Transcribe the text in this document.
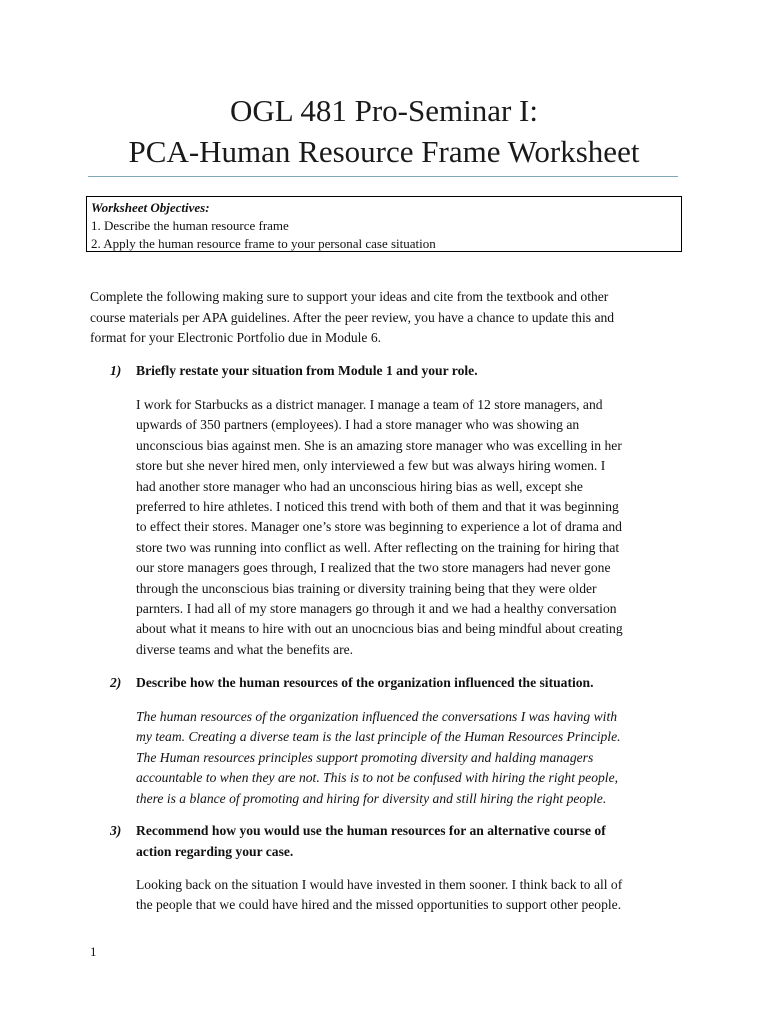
OGL 481 Pro-Seminar I:
PCA-Human Resource Frame Worksheet
Worksheet Objectives:
1. Describe the human resource frame
2. Apply the human resource frame to your personal case situation
Complete the following making sure to support your ideas and cite from the textbook and other
course materials per APA guidelines. After the peer review, you have a chance to update this and
format for your Electronic Portfolio due in Module 6.
1) Briefly restate your situation from Module 1 and your role.
I work for Starbucks as a district manager. I manage a team of 12 store managers, and
upwards of 350 partners (employees). I had a store manager who was showing an
unconscious bias against men. She is an amazing store manager who was excelling in her
store but she never hired men, only interviewed a few but was always hiring women. I
had another store manager who had an unconscious hiring bias as well, except she
preferred to hire athletes. I noticed this trend with both of them and that it was beginning
to effect their stores. Manager one’s store was beginning to experience a lot of drama and
store two was running into conflict as well. After reflecting on the training for hiring that
our store managers goes through, I realized that the two store managers had never gone
through the unconscious bias training or diversity training being that they were older
parnters. I had all of my store managers go through it and we had a healthy conversation
about what it means to hire with out an unocncious bias and being mindful about creating
diverse teams and what the benefits are.
2) Describe how the human resources of the organization influenced the situation.
The human resources of the organization influenced the conversations I was having with
my team. Creating a diverse team is the last principle of the Human Resources Principle.
The Human resources principles support promoting diversity and halding managers
accountable to when they are not. This is to not be confused with hiring the right people,
there is a blance of promoting and hiring for diversity and still hiring the right people.
3) Recommend how you would use the human resources for an alternative course of
action regarding your case.
Looking back on the situation I would have invested in them sooner. I think back to all of
the people that we could have hired and the missed opportunities to support other people.
1
